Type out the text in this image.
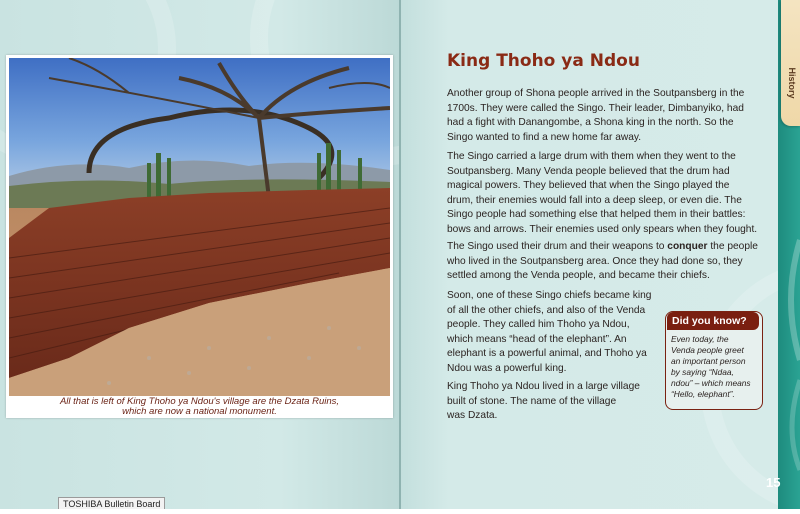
All that is left of King Thoho ya Ndou's village are the Dzata Ruins,
which are now a national monument.
TOSHIBA Bulletin Board
King Thoho ya Ndou
Another group of Shona people arrived in the Soutpansberg in the
1700s. They were called the Singo. Their leader, Dimbanyiko, had
had a fight with Danangombe, a Shona king in the north. So the
Singo wanted to find a new home far away.
The Singo carried a large drum with them when they went to the
Soutpansberg. Many Venda people believed that the drum had
magical powers. They believed that when the Singo played the
drum, their enemies would fall into a deep sleep, or even die. The
Singo people had something else that helped them in their battles:
bows and arrows. Their enemies used only spears when they fought.
The Singo used their drum and their weapons to conquer the people
who lived in the Soutpansberg area. Once they had done so, they
settled among the Venda people, and became their chiefs.
Soon, one of these Singo chiefs became king
of all the other chiefs, and also of the Venda
people. They called him Thoho ya Ndou,
which means “head of the elephant”. An
elephant is a powerful animal, and Thoho ya
Ndou was a powerful king.
King Thoho ya Ndou lived in a large village
built of stone. The name of the village
was Dzata.
Did you know?
Even today, the
Venda people greet
an important person
by saying “Ndaa,
ndou” – which means
“Hello, elephant”.
History
15
